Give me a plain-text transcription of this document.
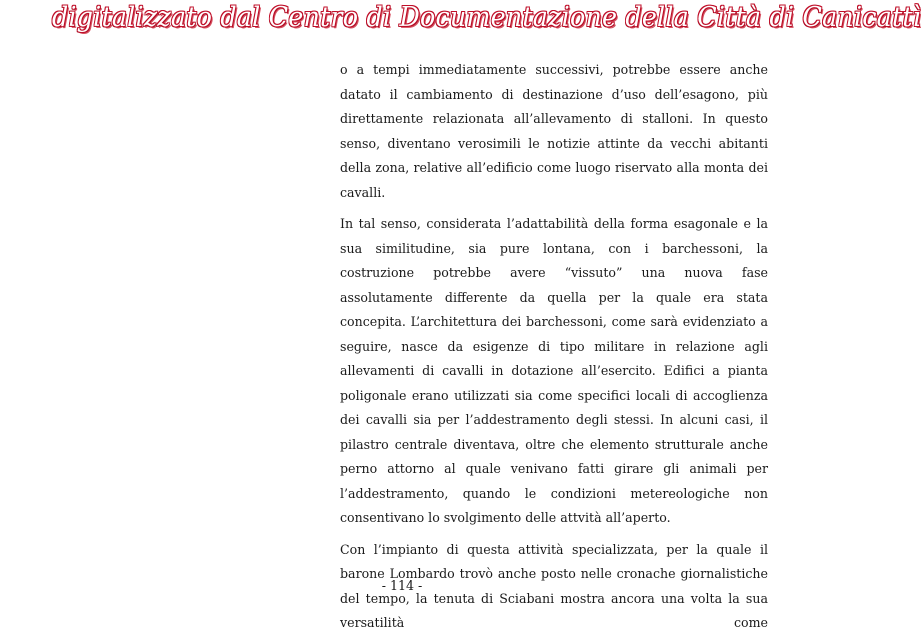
digitalizzato dal Centro di Documentazione della Città di Canicattì

o a tempi immediatamente successivi, potrebbe essere anche datato il cambiamento di destinazione d’uso dell’esagono, più direttamente relazionata all’allevamento di stalloni. In questo senso, diventano verosimili le notizie attinte da vecchi abitanti della zona, relative all’edificio come luogo riservato alla monta dei cavalli.

In tal senso, considerata l’adattabilità della forma esagonale e la sua similitudine, sia pure lontana, con i barchessoni, la costruzione potrebbe avere “vissuto” una nuova fase assolutamente differente da quella per la quale era stata concepita. L’architettura dei barchessoni, come sarà evidenziato a seguire, nasce da esigenze di tipo militare in relazione agli allevamenti di cavalli in dotazione all’esercito. Edifici a pianta poligonale erano utilizzati sia come specifici locali di accoglienza dei cavalli sia per l’addestramento degli stessi. In alcuni casi, il pilastro centrale diventava, oltre che elemento strutturale anche perno attorno al quale venivano fatti girare gli animali per l’addestramento, quando le condizioni metereologiche non consentivano lo svolgimento delle attvità all’aperto.

Con l’impianto di questa attività specializzata, per la quale il barone Lombardo trovò anche posto nelle cronache giornalistiche del tempo, la tenuta di Sciabani mostra ancora una volta la sua versatilità come

- 114 -
